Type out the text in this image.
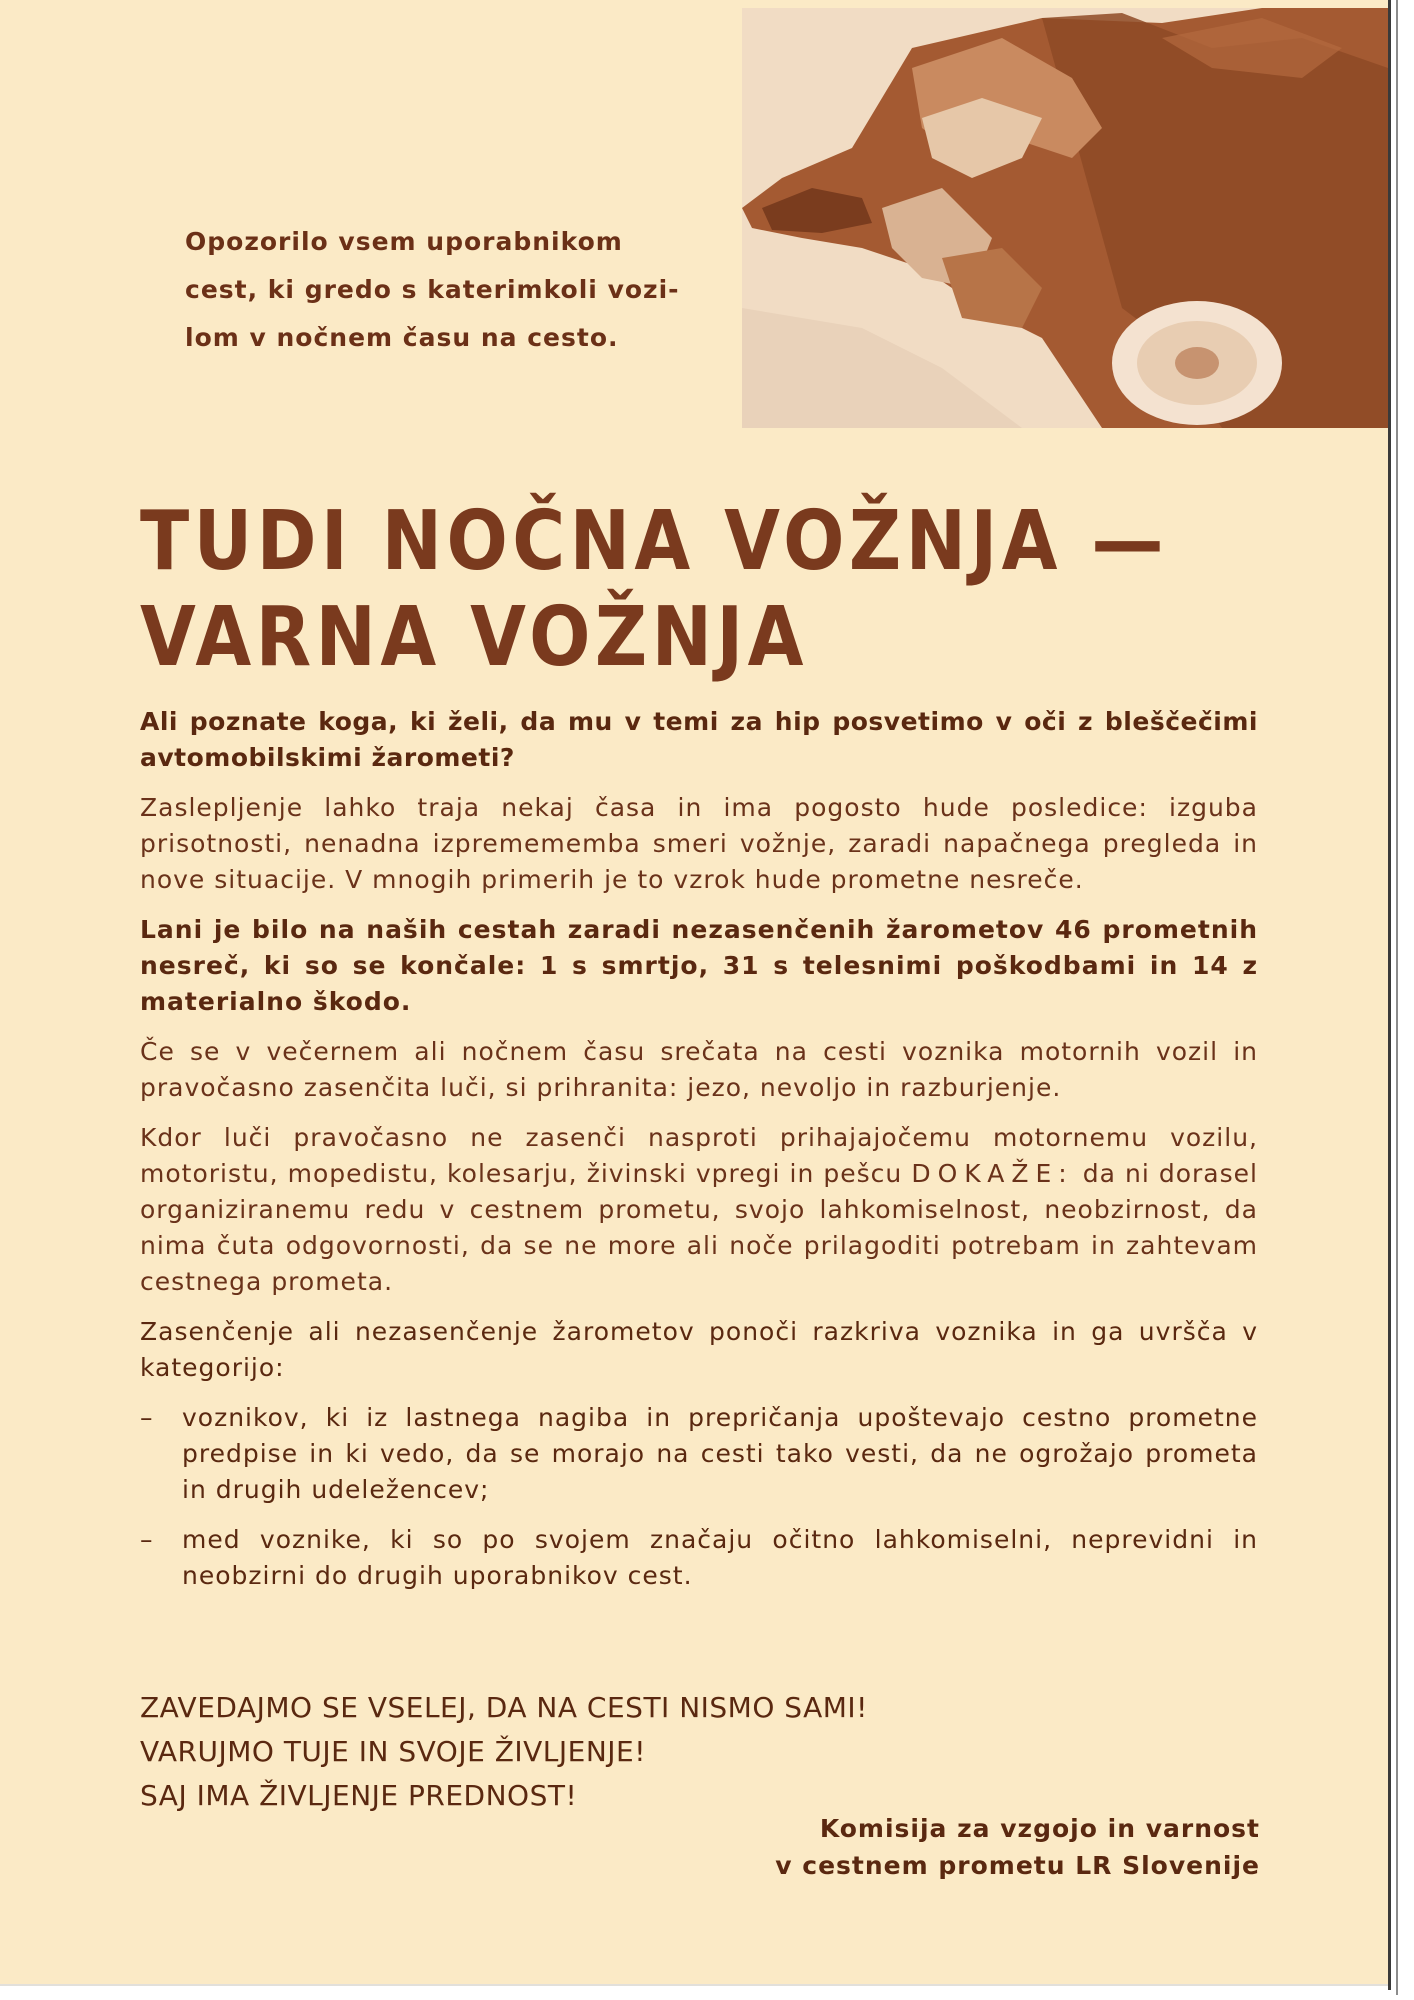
Opozorilo vsem uporabnikom
cest, ki gredo s katerimkoli vozi-
lom v nočnem času na cesto.
TUDI NOČNA VOŽNJA —
VARNA VOŽNJA

Ali poznate koga, ki želi, da mu v temi za hip posvetimo v oči z bleščečimi avtomobilskimi žarometi?

Zaslepljenje lahko traja nekaj časa in ima pogosto hude posledice: izguba prisotnosti, nenadna izpremememba smeri vožnje, zaradi napačnega pregleda in nove situacije. V mnogih primerih je to vzrok hude prometne nesreče.

Lani je bilo na naših cestah zaradi nezasenčenih žarometov 46 prometnih nesreč, ki so se končale: 1 s smrtjo, 31 s telesnimi poškodbami in 14 z materialno škodo.

Če se v večernem ali nočnem času srečata na cesti voznika motornih vozil in pravočasno zasenčita luči, si prihranita: jezo, nevoljo in razburjenje.

Kdor luči pravočasno ne zasenči nasproti prihajajočemu motornemu vozilu, motoristu, mopedistu, kolesarju, živinski vpregi in pešcu DOKAŽE: da ni dorasel organiziranemu redu v cestnem prometu, svojo lahkomiselnost, neobzirnost, da nima čuta odgovornosti, da se ne more ali noče prilagoditi potrebam in zahtevam cestnega prometa.

Zasenčenje ali nezasenčenje žarometov ponoči razkriva voznika in ga uvršča v kategorijo:

–	voznikov, ki iz lastnega nagiba in prepričanja upoštevajo cestno prometne predpise in ki vedo, da se morajo na cesti tako vesti, da ne ogrožajo prometa in drugih udeležencev;
–	med voznike, ki so po svojem značaju očitno lahkomiselni, neprevidni in neobzirni do drugih uporabnikov cest.
ZAVEDAJMO SE VSELEJ, DA NA CESTI NISMO SAMI!
VARUJMO TUJE IN SVOJE ŽIVLJENJE!
SAJ IMA ŽIVLJENJE PREDNOST!
Komisija za vzgojo in varnost
v cestnem prometu LR Slovenije
